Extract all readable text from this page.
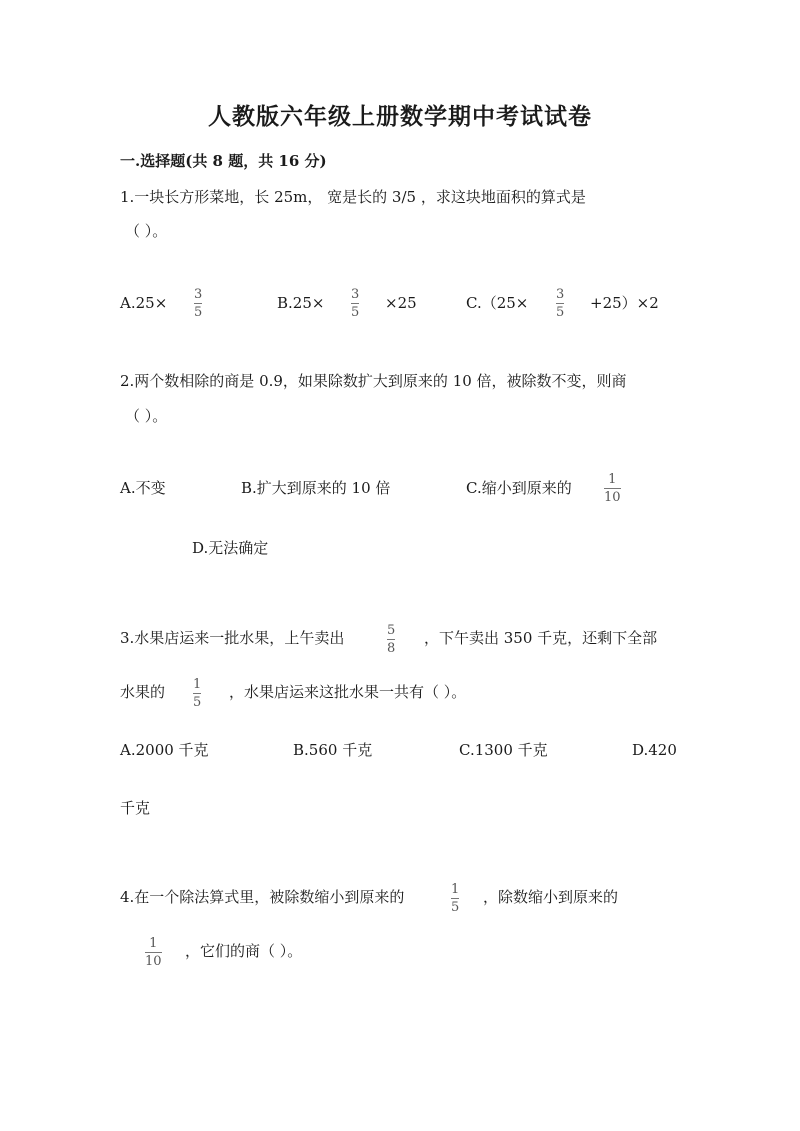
人教版六年级上册数学期中考试试卷
一.选择题(共 8 题，共 16 分)
1.一块长方形菜地，长 25m， 宽是长的 3/5 ，求这块地面积的算式是
（ ）。
A.25× 3
5
B.25× 3
5
×25	C.（25× 3
5
+25）×2
2.两个数相除的商是 0.9，如果除数扩大到原来的 10 倍，被除数不变，则商
（ ）。
A.不变	B.扩大到原来的 10 倍	C.缩小到原来的	1
10
D.无法确定
3.水果店运来一批水果，上午卖出	5
8
，下午卖出 350 千克，还剩下全部
水果的 1
5
，水果店运来这批水果一共有（ ）。
A.2000 千克	B.560 千克	C.1300 千克	D.420
千克
4.在一个除法算式里，被除数缩小到原来的	1
5
，除数缩小到原来的
1
10
，它们的商（ ）。
